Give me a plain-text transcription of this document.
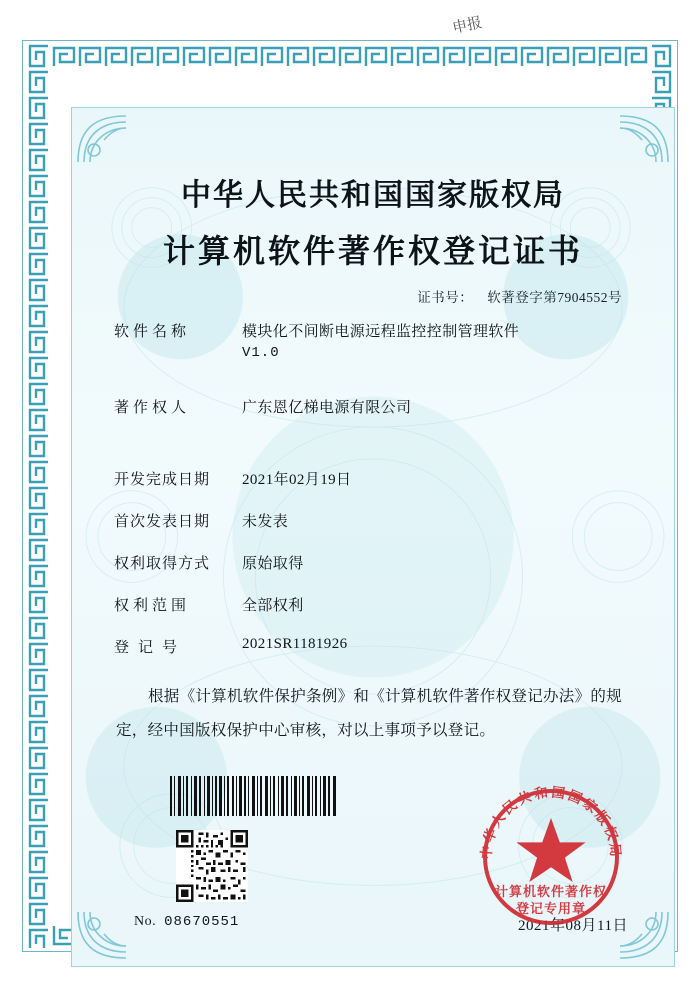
申报
中华人民共和国国家版权局
计算机软件著作权登记证书
证书号： 软著登字第7904552号
软件名称	模块化不间断电源远程监控控制管理软件
V1.0
著作权人	广东恩亿梯电源有限公司
开发完成日期	2021年02月19日
首次发表日期	未发表
权利取得方式	原始取得
权利范围	全部权利
登记号	2021SR1181926
根据《计算机软件保护条例》和《计算机软件著作权登记办法》的规定，经中国版权保护中心审核，对以上事项予以登记。
No. 08670551	2021年08月11日
中华人民共和国国家版权局
计算机软件著作权
登记专用章
